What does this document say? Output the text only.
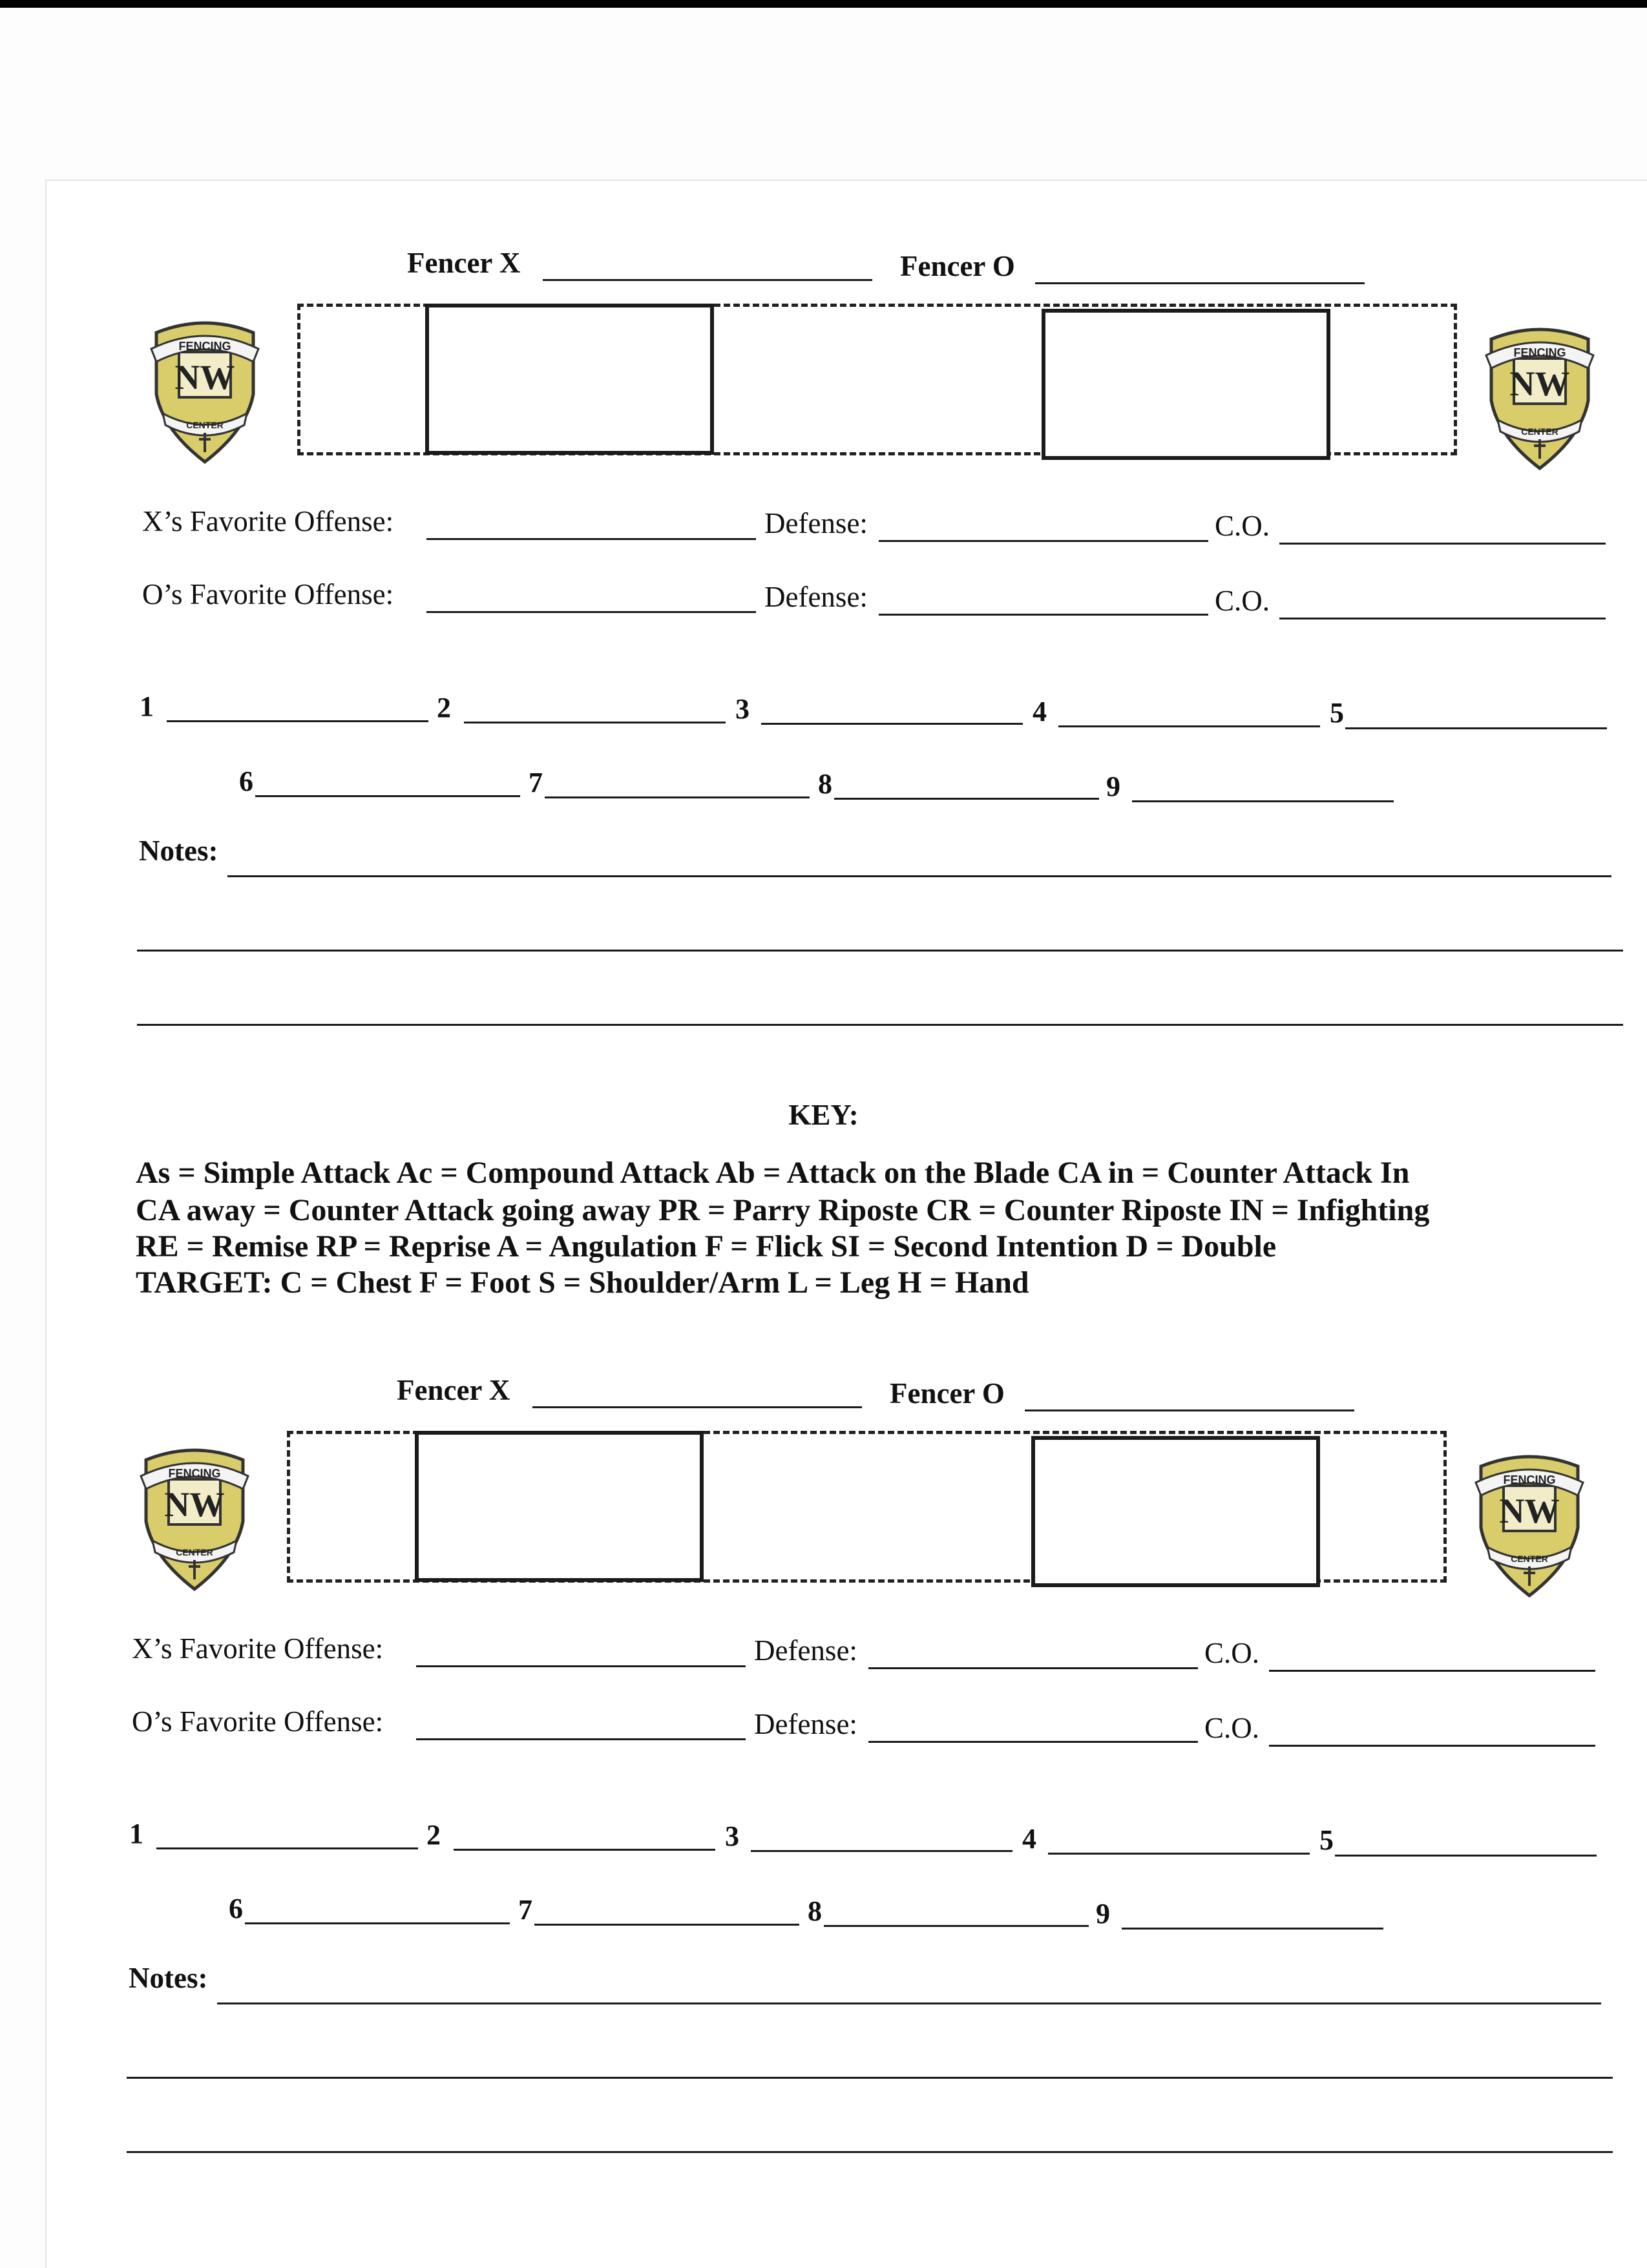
Fencer X	Fencer O
NW
FENCING
CENTER
NW
FENCING
CENTER
X’s Favorite Offense:	Defense:	C.O.
O’s Favorite Offense:	Defense:	C.O.
1	2	3	4	5
6	7	8	9
Notes:
KEY:
As = Simple Attack Ac = Compound Attack Ab = Attack on the Blade CA in = Counter Attack In
CA away = Counter Attack going away PR = Parry Riposte CR = Counter Riposte IN = Infighting
RE = Remise RP = Reprise A = Angulation F = Flick SI = Second Intention D = Double
TARGET: C = Chest F = Foot S = Shoulder/Arm L = Leg H = Hand
Fencer X	Fencer O
NW
FENCING
CENTER
NW
FENCING
CENTER
X’s Favorite Offense:	Defense:	C.O.
O’s Favorite Offense:	Defense:	C.O.
1	2	3	4	5
6	7	8	9
Notes:
